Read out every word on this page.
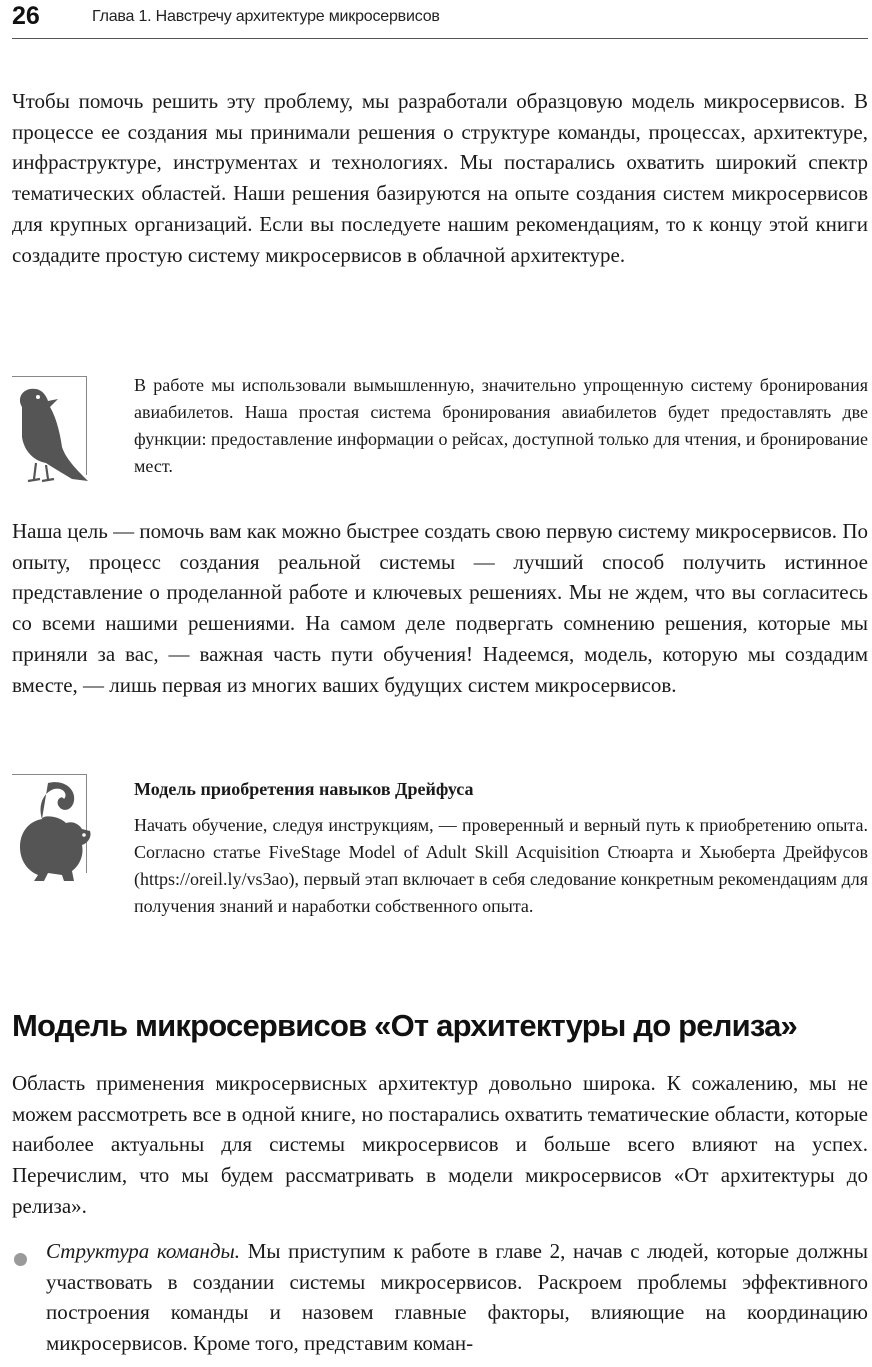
26	Глава 1. Навстречу архитектуре микросервисов

Чтобы помочь решить эту проблему, мы разработали образцовую модель микросервисов. В процессе ее создания мы принимали решения о структуре команды, процессах, архитектуре, инфраструктуре, инструментах и технологиях. Мы постарались охватить широкий спектр тематических областей. Наши решения базируются на опыте создания систем микросервисов для крупных организаций. Если вы последуете нашим рекомендациям, то к концу этой книги создадите простую систему микросервисов в облачной архитектуре.

В работе мы использовали вымышленную, значительно упрощенную систему бронирования авиабилетов. Наша простая система бронирования авиабилетов будет предоставлять две функции: предоставление информации о рейсах, доступной только для чтения, и бронирование мест.

Наша цель — помочь вам как можно быстрее создать свою первую систему микросервисов. По опыту, процесс создания реальной системы — лучший способ получить истинное представление о проделанной работе и ключевых решениях. Мы не ждем, что вы согласитесь со всеми нашими решениями. На самом деле подвергать сомнению решения, которые мы приняли за вас, — важная часть пути обучения! Надеемся, модель, которую мы создадим вместе, — лишь первая из многих ваших будущих систем микросервисов.

Модель приобретения навыков Дрейфуса

Начать обучение, следуя инструкциям, — проверенный и верный путь к приобретению опыта. Согласно статье FiveStage Model of Adult Skill Acquisition Стюарта и Хьюберта Дрейфусов (https://oreil.ly/vs3ao), первый этап включает в себя следование конкретным рекомендациям для получения знаний и наработки собственного опыта.

Модель микросервисов «От архитектуры до релиза»

Область применения микросервисных архитектур довольно широка. К сожалению, мы не можем рассмотреть все в одной книге, но постарались охватить тематические области, которые наиболее актуальны для системы микросервисов и больше всего влияют на успех. Перечислим, что мы будем рассматривать в модели микросервисов «От архитектуры до релиза».

Структура команды. Мы приступим к работе в главе 2, начав с людей, которые должны участвовать в создании системы микросервисов. Раскроем проблемы эффективного построения команды и назовем главные факторы, влияющие на координацию микросервисов. Кроме того, представим коман-
